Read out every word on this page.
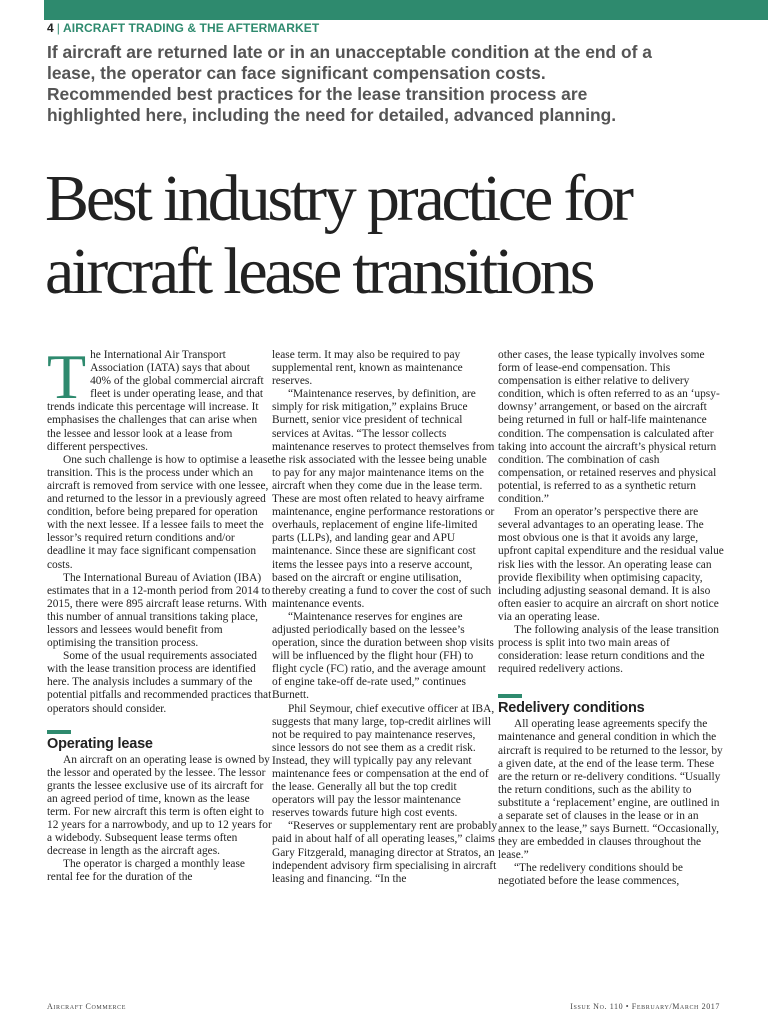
4 | AIRCRAFT TRADING & THE AFTERMARKET
If aircraft are returned late or in an unacceptable condition at the end of a
lease, the operator can face significant compensation costs.
Recommended best practices for the lease transition process are
highlighted here, including the need for detailed, advanced planning.
Best industry practice for
aircraft lease transitions

The International Air Transport Association (IATA) says that about 40% of the global commercial aircraft fleet is under operating lease, and that trends indicate this percentage will increase. It emphasises the challenges that can arise when the lessee and lessor look at a lease from different perspectives.

One such challenge is how to optimise a lease transition. This is the process under which an aircraft is removed from service with one lessee, and returned to the lessor in a previously agreed condition, before being prepared for operation with the next lessee. If a lessee fails to meet the lessor’s required return conditions and/or deadline it may face significant compensation costs.

The International Bureau of Aviation (IBA) estimates that in a 12-month period from 2014 to 2015, there were 895 aircraft lease returns. With this number of annual transitions taking place, lessors and lessees would benefit from optimising the transition process.

Some of the usual requirements associated with the lease transition process are identified here. The analysis includes a summary of the potential pitfalls and recommended practices that operators should consider.

Operating lease

An aircraft on an operating lease is owned by the lessor and operated by the lessee. The lessor grants the lessee exclusive use of its aircraft for an agreed period of time, known as the lease term. For new aircraft this term is often eight to 12 years for a narrowbody, and up to 12 years for a widebody. Subsequent lease terms often decrease in length as the aircraft ages.

The operator is charged a monthly lease rental fee for the duration of the

lease term. It may also be required to pay supplemental rent, known as maintenance reserves.

“Maintenance reserves, by definition, are simply for risk mitigation,” explains Bruce Burnett, senior vice president of technical services at Avitas. “The lessor collects maintenance reserves to protect themselves from the risk associated with the lessee being unable to pay for any major maintenance items on the aircraft when they come due in the lease term. These are most often related to heavy airframe maintenance, engine performance restorations or overhauls, replacement of engine life-limited parts (LLPs), and landing gear and APU maintenance. Since these are significant cost items the lessee pays into a reserve account, based on the aircraft or engine utilisation, thereby creating a fund to cover the cost of such maintenance events.

“Maintenance reserves for engines are adjusted periodically based on the lessee’s operation, since the duration between shop visits will be influenced by the flight hour (FH) to flight cycle (FC) ratio, and the average amount of engine take-off de-rate used,” continues Burnett.

Phil Seymour, chief executive officer at IBA, suggests that many large, top-credit airlines will not be required to pay maintenance reserves, since lessors do not see them as a credit risk. Instead, they will typically pay any relevant maintenance fees or compensation at the end of the lease. Generally all but the top credit operators will pay the lessor maintenance reserves towards future high cost events.

“Reserves or supplementary rent are probably paid in about half of all operating leases,” claims Gary Fitzgerald, managing director at Stratos, an independent advisory firm specialising in aircraft leasing and financing. “In the

other cases, the lease typically involves some form of lease-end compensation. This compensation is either relative to delivery condition, which is often referred to as an ‘upsy-downsy’ arrangement, or based on the aircraft being returned in full or half-life maintenance condition. The compensation is calculated after taking into account the aircraft’s physical return condition. The combination of cash compensation, or retained reserves and physical potential, is referred to as a synthetic return condition.”

From an operator’s perspective there are several advantages to an operating lease. The most obvious one is that it avoids any large, upfront capital expenditure and the residual value risk lies with the lessor. An operating lease can provide flexibility when optimising capacity, including adjusting seasonal demand. It is also often easier to acquire an aircraft on short notice via an operating lease.

The following analysis of the lease transition process is split into two main areas of consideration: lease return conditions and the required redelivery actions.

Redelivery conditions

All operating lease agreements specify the maintenance and general condition in which the aircraft is required to be returned to the lessor, by a given date, at the end of the lease term. These are the return or re-delivery conditions. “Usually the return conditions, such as the ability to substitute a ‘replacement’ engine, are outlined in a separate set of clauses in the lease or in an annex to the lease,” says Burnett. “Occasionally, they are embedded in clauses throughout the lease.”

“The redelivery conditions should be negotiated before the lease commences,

Aircraft Commerce	Issue No. 110 • February/March 2017
